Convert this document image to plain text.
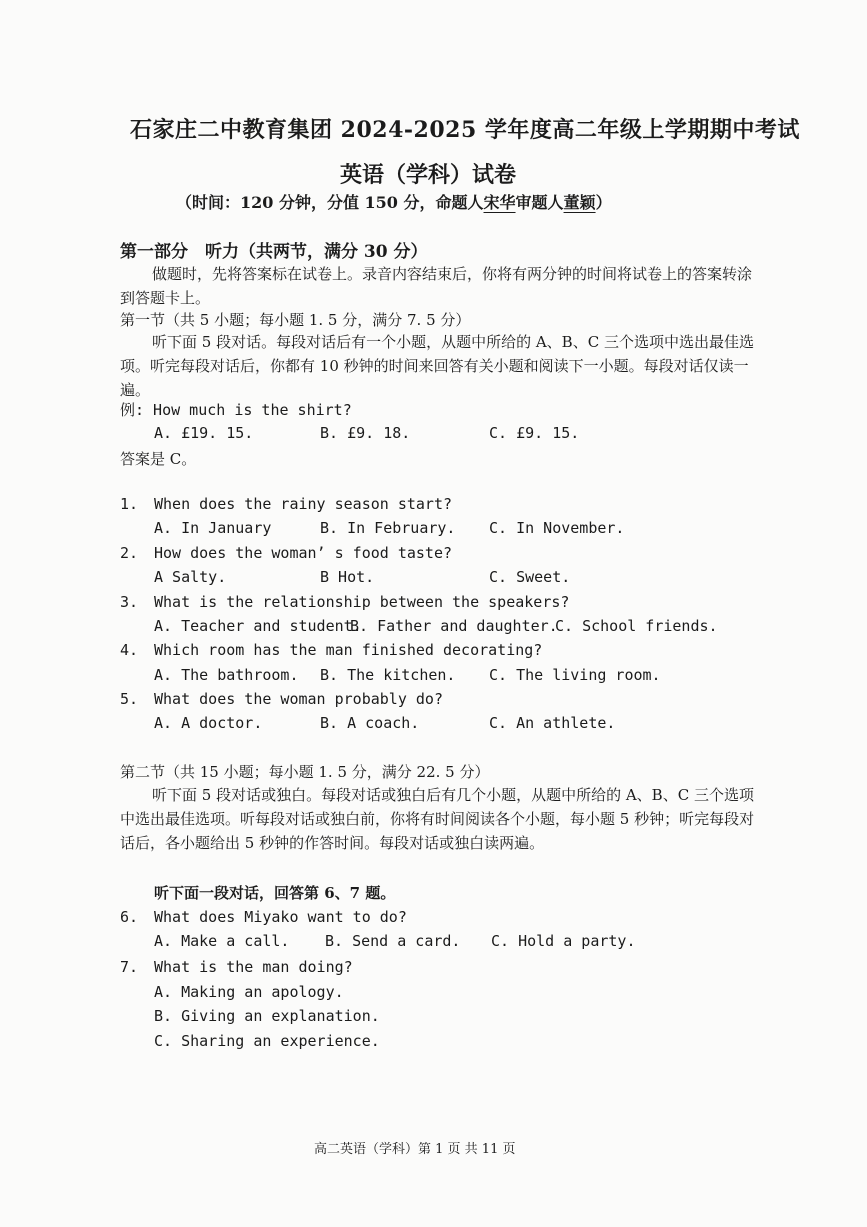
石家庄二中教育集团 2024-2025 学年度高二年级上学期期中考试
英语（学科）试卷
（时间：120 分钟，分值 150 分，命题人宋华审题人董颖）
第一部分　听力（共两节，满分 30 分）
做题时，先将答案标在试卷上。录音内容结束后，你将有两分钟的时间将试卷上的答案转涂到答题卡上。
第一节（共 5 小题；每小题 1. 5 分，满分 7. 5 分）
听下面 5 段对话。每段对话后有一个小题，从题中所给的 A、B、C 三个选项中选出最佳选项。听完每段对话后，你都有 10 秒钟的时间来回答有关小题和阅读下一小题。每段对话仅读一遍。
例: How much is the shirt?
A. £19. 15.	B. £9. 18.	C. £9. 15.
答案是 C。
1. When does the rainy season start?
A. In January	B. In February. C. In November.
2. How does the woman’ s food taste?
A Salty.	B Hot.	C. Sweet.
3. What is the relationship between the speakers?
A. Teacher and student.
B. Father and daughter.
C. School friends.
4. Which room has the man finished decorating?
A. The bathroom. B. The kitchen. C. The living room.
5. What does the woman probably do?
A. A doctor.	B. A coach.	C. An athlete.
第二节（共 15 小题；每小题 1. 5 分，满分 22. 5 分）
听下面 5 段对话或独白。每段对话或独白后有几个小题，从题中所给的 A、B、C 三个选项中选出最佳选项。听每段对话或独白前，你将有时间阅读各个小题，每小题 5 秒钟；听完每段对话后，各小题给出 5 秒钟的作答时间。每段对话或独白读两遍。
听下面一段对话，回答第 6、7 题。
6. What does Miyako want to do?
A. Make a call. B. Send a card. C. Hold a party.
7. What is the man doing?
A. Making an apology.
B. Giving an explanation.
C. Sharing an experience.
高二英语（学科）第 1 页 共 11 页
